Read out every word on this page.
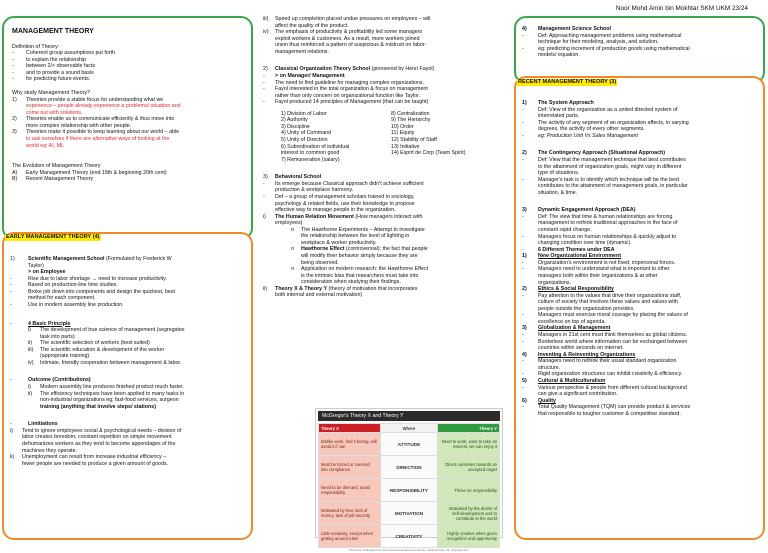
Noor Mohd Amin bin Mokhtar SKM UKM 23/24
MANAGEMENT THEORY
Definition of Theory:
-	Coherent group assumptions put forth
-	to explain the relationship
-	between 2/> observable facts
-	and to provide a sound basis
-	for predicting future events.
Why study Management Theory?
1)	Theories provide a stable focus for understanding what we
experience – people already experience a problems/ situation and
come out with solutions.
2)	Theories enable us to communicate efficiently & thus move into
more complex relationship with other people.
3)	Theories make it possible to keep learning about our world – able
to ask ourselves if there are alternative ways of looking at the
world eg: AI, ML
The Evolution of Management Theory
A)	Early Management Theory (end 19th & beginning 20th cent)
B)	Recent Management Theory
EARLY MANAGEMENT THEORY (4)
1)	Scientific Management School (Formulated by Frederick W
Taylor)
> on Employee
-	Rise due to labor shortage → need to increase productivity.
-	Based on production-line time studies.
-	Broke job down into components and design the quickest, best
method for each component.
-	Use in modern assembly line production.
-	4 Basic Principle
i)	The development of true science of management (segregates
task into parts)
ii)	The scientific selection of workers (best suited)
iii)	The scientific education & development of the worker
(appropriate training).
iv)	Intimate, friendly cooperation between management & labor.
-	Outcome (Contributions)
i)	Modern assembly line produces finished product much faster.
ii)	The efficiency techniques have been applied to many tasks in
non-industrial organizations eg; fast-food services, surgeon
training (anything that involve steps/ stations)
-	Limitiations
i)	Tend to ignore employees social & psychological needs – division of
labor creates boredom, constant repetition on simple movement
dehumanizes workers as they tend to become appendages of the
machines they operate.
ii)	Unemployment can result from increase industrial efficiency –
fewer people are needed to produce a given amount of goods.
iii)	Speed up completion placed undue pressures on employees – will
affect the quality of the product.
iv)	The emphasis of productivity & profitability led some managers
exploit workers & customers. As a result, more workers joined
union thus reinforced a pattern of suspicious & mistrust on labor-
management relations.
2)	Classical Organization Theory School (pioneered by Henri Fayol)
-	> on Manager/ Management
-	The need to find guideline for managing complex organizations.
-	Fayol interested in the total organization & focus on management
rather than only concern on organizational function like Taylor.
-	Fayol produced 14 principles of Management (that can be taught)
1) Division of Labor
2) Authority
3) Discipline
4) Unity of Command
5) Unity of Direction
6) Subordination of individual
interest to common good
7) Remuneration (salary)
8) Centralization
9) The Hierarchy
10) Order
11) Equity
12) Stability of Staff
13) Initiative
14) Esprit de Corp (Team Spirit)
3)	Behavioral School
-	Its emerge because Classical approach didn't achieve sufficient
production & workplace harmony.
-	Def – a group of management scholars trained in sociology,
psychology & related fields, use their knowledge to propose
effective way to manage people in the organization.
i)	The Human Relation Movement (How managers interact with
employees)
o	The Hawthorne Experiments – Attempt to investigate
the relationship between the level of lighting in
workplace & worker productivity.
o	Hawthorne Effect (controversial): the fact that people
will modify their behavior simply because they are
being observed.
o	Application on modern research: the Hawthorne Effect
is the intrinsic bias that researchers must take into
consideration when studying their findings.
ii)	Theory X & Theory Y (theory of motivation that incorporates
both internal and external motivation)
McGregor's Theory X and Theory Y
Theory X	Where	Theory Y
Dislike work, find it boring, will avoid it if can	ATTITUDE	Need to work, want to take an interest, we can enjoy it
Must be forced or coerced into compliance	DIRECTION	Direct ourselves towards an accepted target
Need to be directed, avoid responsibility	RESPONSIBILITY	Thrive on responsibility
Motivated by fear, lack of money, lack of job security	MOTIVATION	Motivated by the desire of self-development and to contribute to the world
Little creativity, except when getting around rules	CREATIVITY	Highly creative when given recognition and opportunity
Resource: Strategies from http://www.accel-team.com/human_relations/hrels_03_mcgregor.html
4)	Management Science School
-	Def: Approaching management problems using mathematical
technique for their modeling, analysis, and solution.
-	eg: predicting increment of production goods using mathematical
models/ equation.
RECENT MANAGEMENT THEORY (3)
1)	The System Approach
-	Def: View of the organization as a united directed system of
interrelated parts.
-	The activity of any segment of an organization affects, in varying
degrees, the activity of every other segments.
-	eg: Production Unit Vs Sales Management
2)	The Contingency Approach (Situational Approach)
-	Def: View that the management technique that best contributes
to the attainment of organization goals, might vary in different
type of situations.
-	Manager's task is to identify which technique will be the best
contributes to the attainment of management goals, in particular
situation, & time.
3)	Dynamic Engagement Approach (DEA)
-	Def: The view that time & human relationships are forcing
management to rethink traditional approaches in the face of
constant rapid change.
-	Managers focus on human relationships & quickly adjust to
changing condition over time (dynamic).
-	6 Different Themes under DEA
1)	New Organizational Environment
-	Organization's environment is not fixed, impersonal forces.
-	Managers need to understand what is important to other
managers both within their organizations & at other
organizations.
2)	Ethics & Social Responsibility
-	Pay attention to the values that drive their organizations staff,
culture of society that involves these values and values with
people outside the organization provides.
-	Managers must exercise moral courage by placing the values of
excellence on top of agenda.
3)	Globalization & Management
-	Managers in 21st cent must think themselves as global citizens.
-	Borderless world where information can be exchanged between
countries within seconds on internet.
4)	Inventing & Reinventing Organizations
-	Managers need to rethink their usual standard organization
structure.
-	Rigid organization structures can inhibit creativity & efficiency.
5)	Cultural & Multiculturalism
-	Various perspective & people from different cultural background
can give a significant contribution.
6)	Quality
-	Total Quality Management (TQM) can provide product & services
that responsible to tougher customer & competitive standard.
